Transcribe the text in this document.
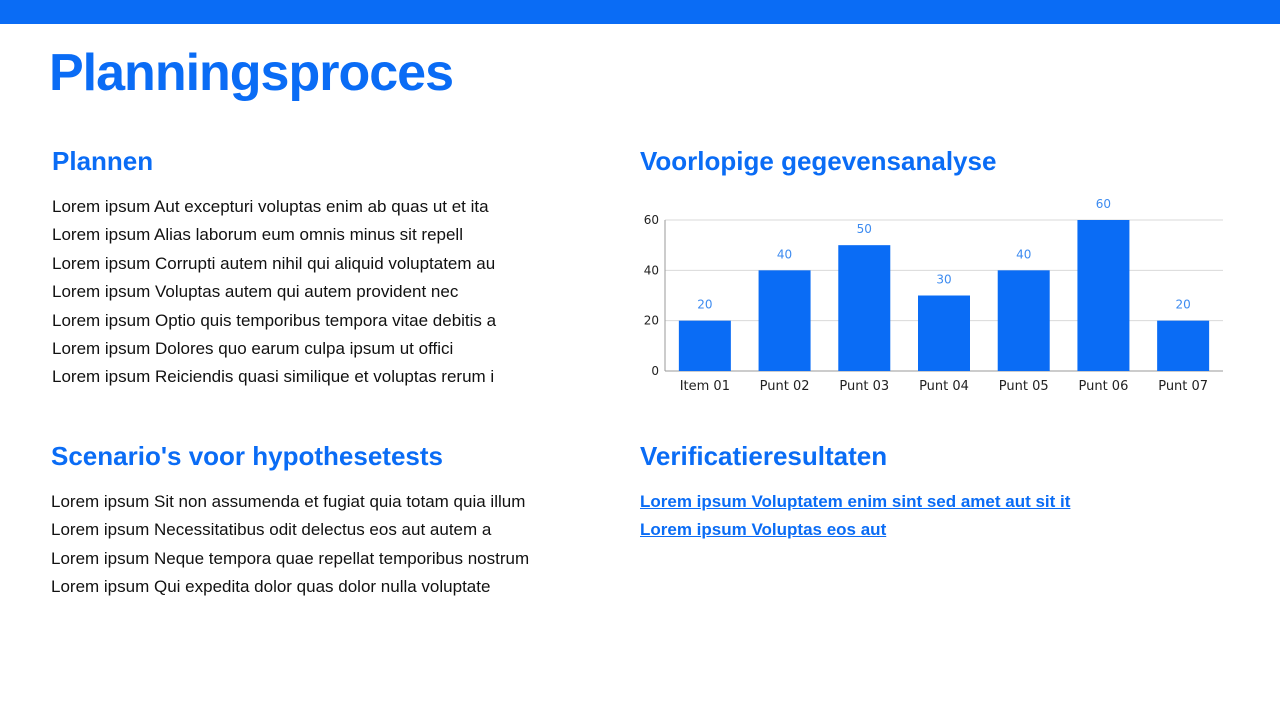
Planningsproces
Plannen
Lorem ipsum Aut excepturi voluptas enim ab quas ut et ita
Lorem ipsum Alias laborum eum omnis minus sit repell
Lorem ipsum Corrupti autem nihil qui aliquid voluptatem au
Lorem ipsum Voluptas autem qui autem provident nec
Lorem ipsum Optio quis temporibus tempora vitae debitis a
Lorem ipsum Dolores quo earum culpa ipsum ut offici
Lorem ipsum Reiciendis quasi similique et voluptas rerum i
Voorlopige gegevensanalyse
0
20
40
60
20
Item 01
40
Punt 02
50
Punt 03
30
Punt 04
40
Punt 05
60
Punt 06
20
Punt 07
Scenario's voor hypothesetests
Lorem ipsum Sit non assumenda et fugiat quia totam quia illum
Lorem ipsum Necessitatibus odit delectus eos aut autem a
Lorem ipsum Neque tempora quae repellat temporibus nostrum
Lorem ipsum Qui expedita dolor quas dolor nulla voluptate
Verificatieresultaten
Lorem ipsum Voluptatem enim sint sed amet aut sit it
Lorem ipsum Voluptas eos aut
